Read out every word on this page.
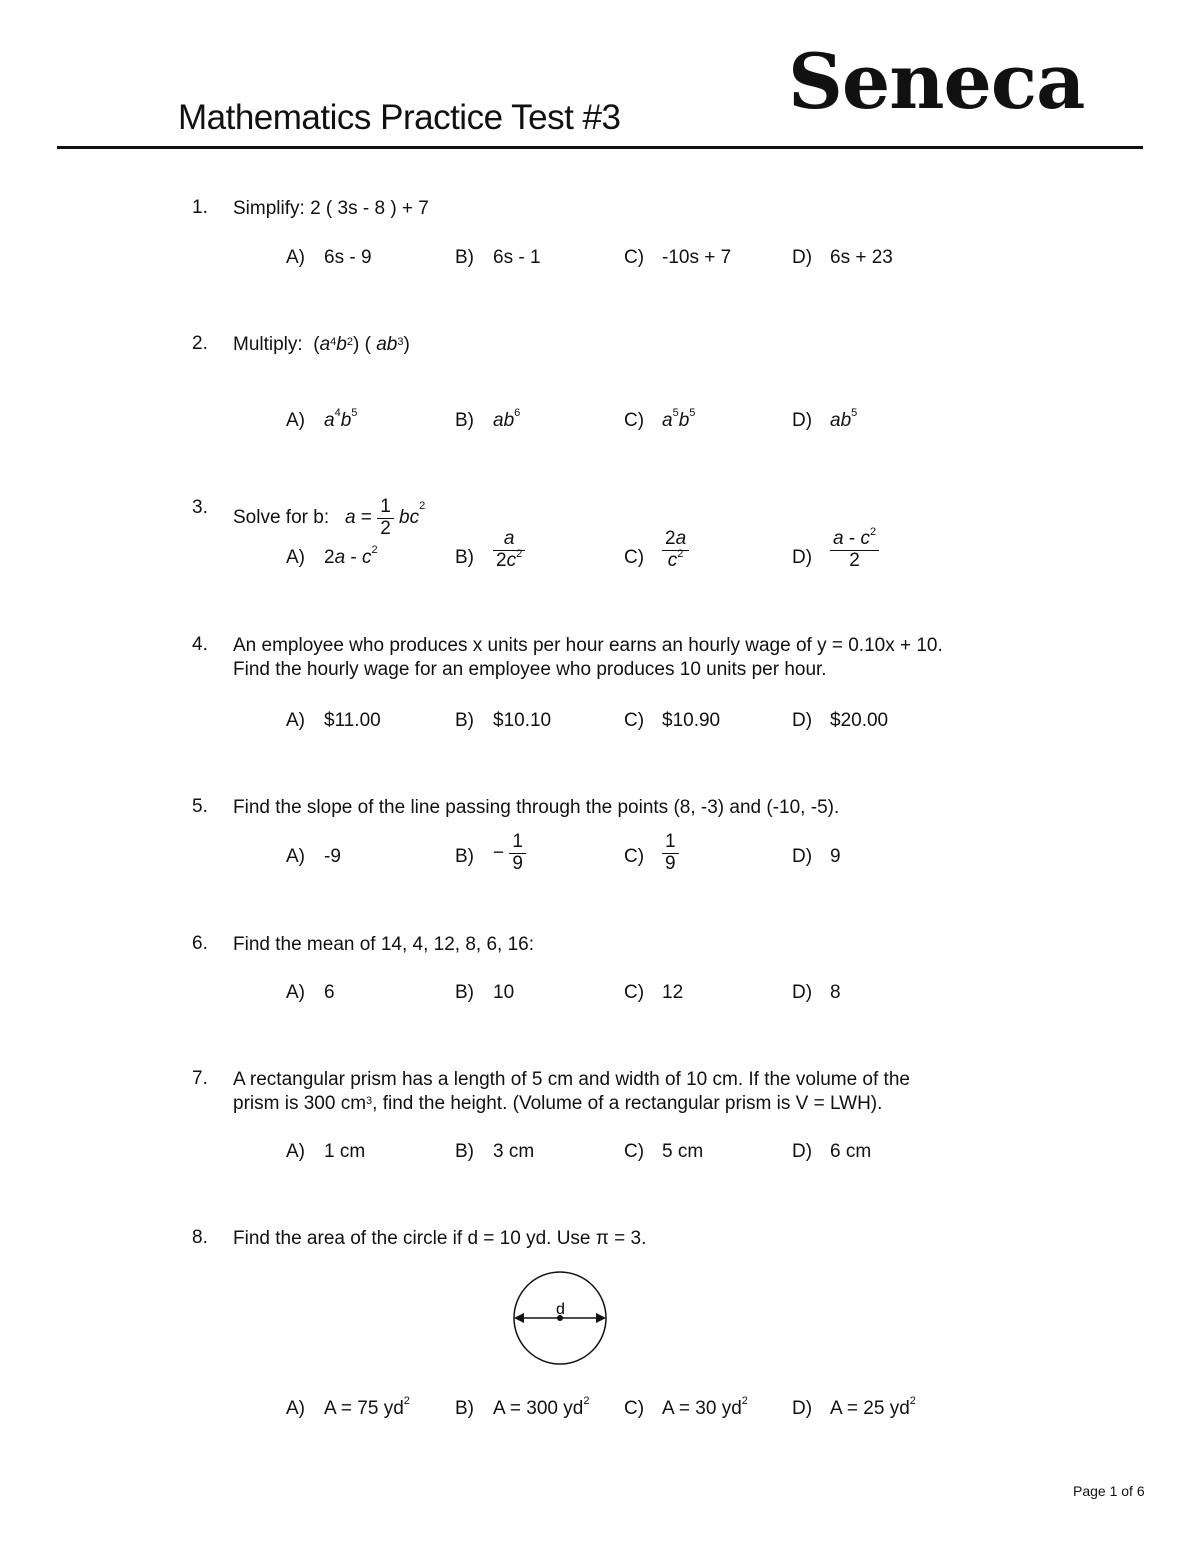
Mathematics Practice Test #3 Seneca
1. Simplify: 2 ( 3s - 8 ) + 7
A) 6s - 9	B) 6s - 1	C) -10s + 7	D) 6s + 23
2. Multiply:  $(a^4b^2)$ ( $ab^3$)
A) $a^4b^5$	B) $ab^6$	C) $a^5b^5$	D) $ab^5$
3. Solve for b: $a = \frac{1}{2} bc^2$
A) $2a - c^2$	$B) \frac{a}{2c^2}$	$C) \frac{2a}{c^2}$	$D) \frac{a - c^2}{2}$
4. An employee who produces x units per hour earns an hourly wage of y = 0.10x + 10.
Find the hourly wage for an employee who produces 10 units per hour.
A) $11.00	B) $10.10	C) $10.90	D) $20.00
5. Find the slope of the line passing through the points (8, -3) and (-10, -5).
A) -9	$B) - \frac{1}{9}$	$C) \frac{1}{9}$	D) 9
6. Find the mean of 14, 4, 12, 8, 6, 16:
A) 6	B) 10	C) 12	D) 8
7. A rectangular prism has a length of 5 cm and width of 10 cm. If the volume of the
prism is 300 $cm^3$, find the height. (Volume of a rectangular prism is V = LWH).
A) 1 cm	B) 3 cm	C) 5 cm	D) 6 cm
8. Find the area of the circle if d = 10 yd. Use π = 3.
d
A) A = 75 $yd^2$ B) A = 300 $yd^2$ C) A = 30 $yd^2$ D) A = 25 $yd^2$
Page 1 of 6
